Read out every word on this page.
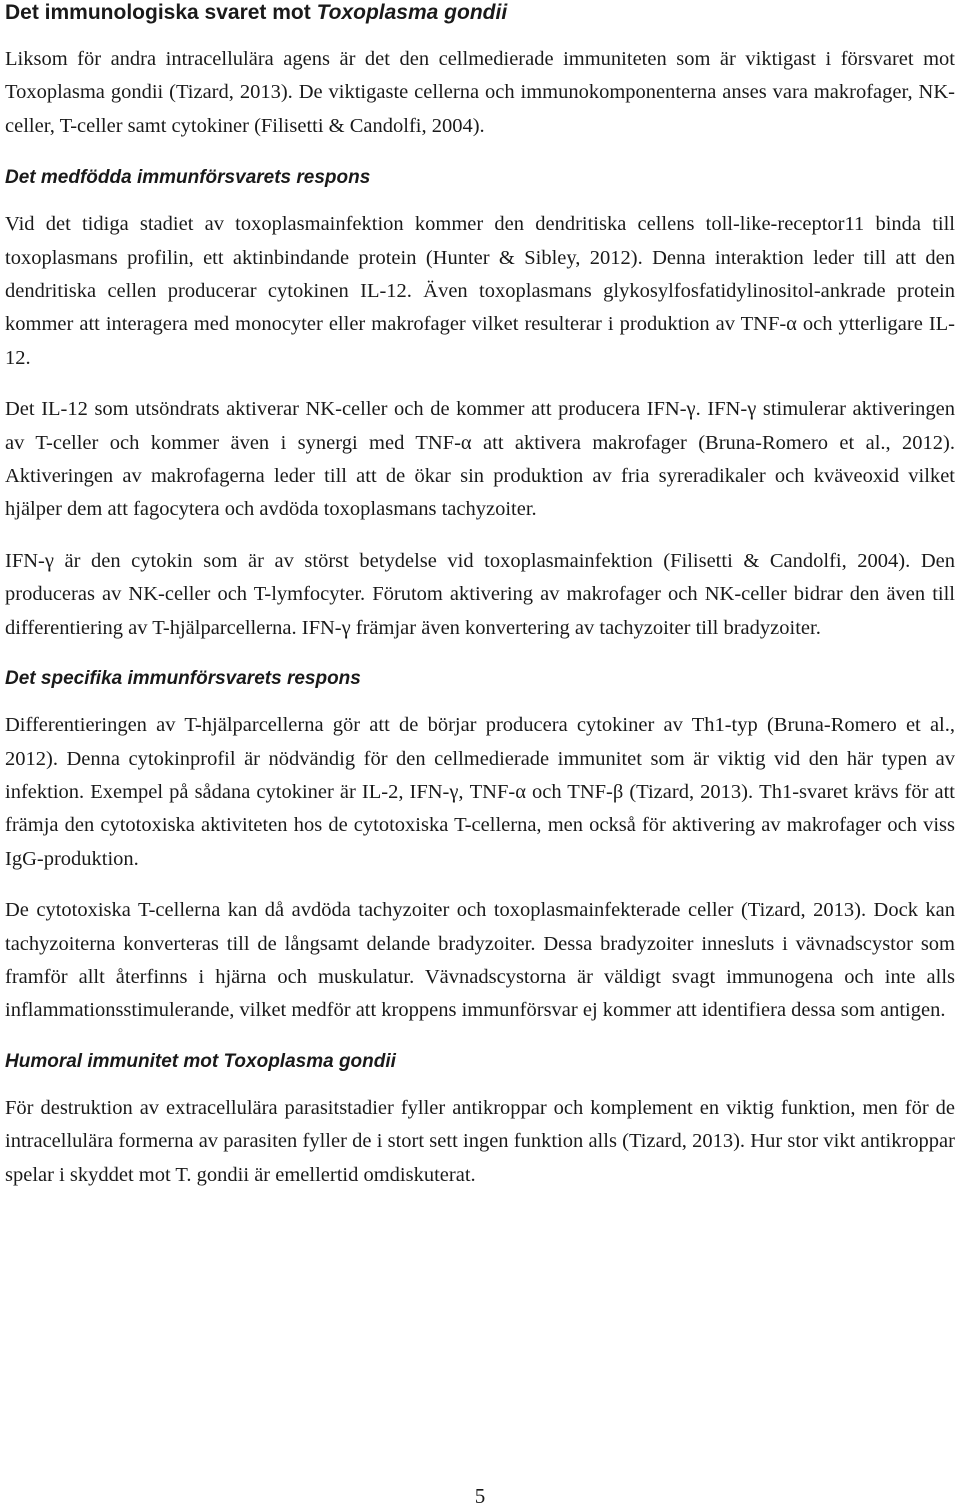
Det immunologiska svaret mot Toxoplasma gondii

Liksom för andra intracellulära agens är det den cellmedierade immuniteten som är viktigast i försvaret mot Toxoplasma gondii (Tizard, 2013). De viktigaste cellerna och immunokomponenterna anses vara makrofager, NK-celler, T-celler samt cytokiner (Filisetti & Candolfi, 2004).

Det medfödda immunförsvarets respons

Vid det tidiga stadiet av toxoplasmainfektion kommer den dendritiska cellens toll-like-receptor11 binda till toxoplasmans profilin, ett aktinbindande protein (Hunter & Sibley, 2012). Denna interaktion leder till att den dendritiska cellen producerar cytokinen IL-12. Även toxoplasmans glykosylfosfatidylinositol-ankrade protein kommer att interagera med monocyter eller makrofager vilket resulterar i produktion av TNF-α och ytterligare IL-12.

Det IL-12 som utsöndrats aktiverar NK-celler och de kommer att producera IFN-γ. IFN-γ stimulerar aktiveringen av T-celler och kommer även i synergi med TNF-α att aktivera makrofager (Bruna-Romero et al., 2012). Aktiveringen av makrofagerna leder till att de ökar sin produktion av fria syreradikaler och kväveoxid vilket hjälper dem att fagocytera och avdöda toxoplasmans tachyzoiter.

IFN-γ är den cytokin som är av störst betydelse vid toxoplasmainfektion (Filisetti & Candolfi, 2004). Den produceras av NK-celler och T-lymfocyter. Förutom aktivering av makrofager och NK-celler bidrar den även till differentiering av T-hjälparcellerna. IFN-γ främjar även konvertering av tachyzoiter till bradyzoiter.

Det specifika immunförsvarets respons

Differentieringen av T-hjälparcellerna gör att de börjar producera cytokiner av Th1-typ (Bruna-Romero et al., 2012). Denna cytokinprofil är nödvändig för den cellmedierade immunitet som är viktig vid den här typen av infektion. Exempel på sådana cytokiner är IL-2, IFN-γ, TNF-α och TNF-β (Tizard, 2013). Th1-svaret krävs för att främja den cytotoxiska aktiviteten hos de cytotoxiska T-cellerna, men också för aktivering av makrofager och viss IgG-produktion.

De cytotoxiska T-cellerna kan då avdöda tachyzoiter och toxoplasmainfekterade celler (Tizard, 2013). Dock kan tachyzoiterna konverteras till de långsamt delande bradyzoiter. Dessa bradyzoiter innesluts i vävnadscystor som framför allt återfinns i hjärna och muskulatur. Vävnadscystorna är väldigt svagt immunogena och inte alls inflammationsstimulerande, vilket medför att kroppens immunförsvar ej kommer att identifiera dessa som antigen.

Humoral immunitet mot Toxoplasma gondii

För destruktion av extracellulära parasitstadier fyller antikroppar och komplement en viktig funktion, men för de intracellulära formerna av parasiten fyller de i stort sett ingen funktion alls (Tizard, 2013). Hur stor vikt antikroppar spelar i skyddet mot T. gondii är emellertid omdiskuterat.

5
